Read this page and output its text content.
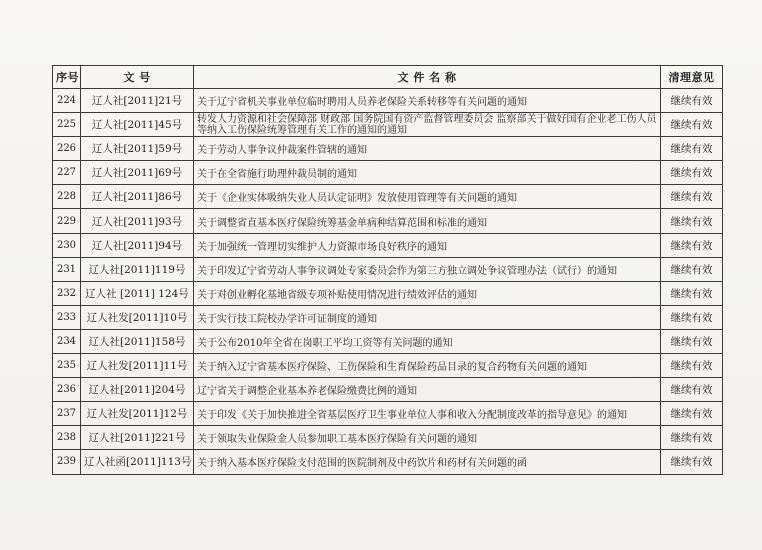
序号	文 号	文 件 名 称	清理意见
224	辽人社[2011]21号	关于辽宁省机关事业单位临时聘用人员养老保险关系转移等有关问题的通知	继续有效
225	辽人社[2011]45号	转发人力资源和社会保障部 财政部 国务院国有资产监督管理委员会 监察部关于做好国有企业老工伤人员等纳入工伤保险统筹管理有关工作的通知的通知	继续有效
226	辽人社[2011]59号	关于劳动人事争议仲裁案件管辖的通知	继续有效
227	辽人社[2011]69号	关于在全省施行助理仲裁员制的通知	继续有效
228	辽人社[2011]86号	关于《企业实体吸纳失业人员认定证明》发放使用管理等有关问题的通知	继续有效
229	辽人社[2011]93号	关于调整省直基本医疗保险统筹基金单病种结算范围和标准的通知	继续有效
230	辽人社[2011]94号	关于加强统一管理切实维护人力资源市场良好秩序的通知	继续有效
231	辽人社[2011]119号	关于印发辽宁省劳动人事争议调处专家委员会作为第三方独立调处争议管理办法（试行）的通知	继续有效
232	辽人社 [2011] 124号	关于对创业孵化基地省级专项补贴使用情况进行绩效评估的通知	继续有效
233	辽人社发[2011]10号	关于实行技工院校办学许可证制度的通知	继续有效
234	辽人社[2011]158号	关于公布2010年全省在岗职工平均工资等有关问题的通知	继续有效
235	辽人社发[2011]11号	关于纳入辽宁省基本医疗保险、工伤保险和生育保险药品目录的复合药物有关问题的通知	继续有效
236	辽人社[2011]204号	辽宁省关于调整企业基本养老保险缴费比例的通知	继续有效
237	辽人社发[2011]12号	关于印发《关于加快推进全省基层医疗卫生事业单位人事和收入分配制度改革的指导意见》的通知	继续有效
238	辽人社[2011]221号	关于领取失业保险金人员参加职工基本医疗保险有关问题的通知	继续有效
239	辽人社函[2011]113号	关于纳入基本医疗保险支付范围的医院制剂及中药饮片和药材有关问题的函	继续有效
